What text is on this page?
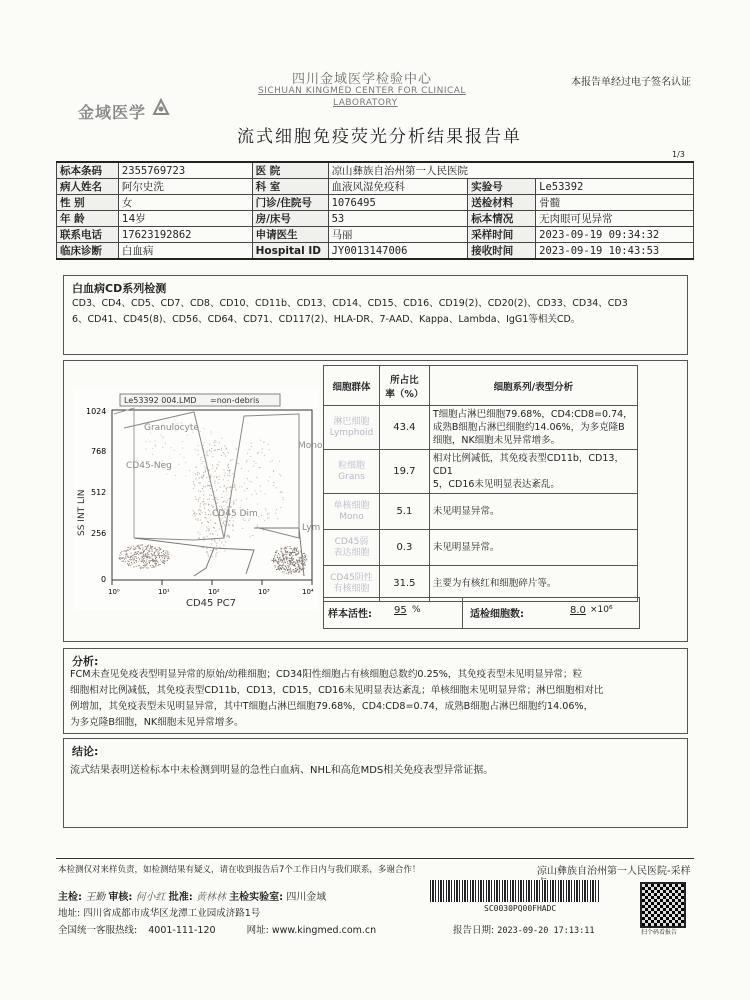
四川金域医学检验中心
SICHUAN KINGMED CENTER FOR CLINICAL
LABORATORY
本报告单经过电子签名认证
金域医学
流式细胞免疫荧光分析结果报告单
1/3
标本条码	2355769723	医 院	凉山彝族自治州第一人民医院		
病人姓名	阿尔史洗	科 室	血液风湿免疫科	实验号	Le53392
性 别	女	门诊/住院号	1076495	送检材料	骨髓
年 龄	14岁	房/床号	53	标本情况	无肉眼可见异常
联系电话	17623192862	申请医生	马丽	采样时间	2023-09-19 09:34:32
临床诊断	白血病	Hospital ID	JY0013147006	接收时间	2023-09-19 10:43:53
白血病CD系列检测
CD3、CD4、CD5、CD7、CD8、CD10、CD11b、CD13、CD14、CD15、CD16、CD19(2)、CD20(2)、CD33、CD34、CD3
6、CD41、CD45(8)、CD56、CD64、CD71、CD117(2)、HLA-DR、7-AAD、Kappa、Lambda、IgG1等相关CD。
Le53392 004.LMD =non-debris
1024
768
512
256
0
10⁰	10¹	10²	10³	10⁴
CD45 PC7
SS INT LIN
Granulocyte
CD45-Neg
CD45 Dim
Mono
Lym
细胞群体	所占比
率（%）	细胞系列/表型分析
淋巴细胞
Lymphoid	43.4	T细胞占淋巴细胞79.68%，CD4:CD8=0.74，
成熟B细胞占淋巴细胞约14.06%，为多克隆B
细胞，NK细胞未见异常增多。
粒细胞
Grans	19.7	相对比例减低，其免疫表型CD11b，CD13，CD1
5，CD16未见明显表达紊乱。
单核细胞
Mono	5.1	未见明显异常。
CD45弱
表达细胞	0.3	未见明显异常。
CD45阴性
有核细胞	31.5	主要为有核红和细胞碎片等。
样本活性: 95 %	适检细胞数:	8.0 ×10⁶
分析:
FCM未查见免疫表型明显异常的原始/幼稚细胞；CD34阳性细胞占有核细胞总数约0.25%，其免疫表型未见明显异常；粒
细胞相对比例减低，其免疫表型CD11b，CD13，CD15，CD16未见明显表达紊乱；单核细胞未见明显异常；淋巴细胞相对比
例增加，其免疫表型未见明显异常，其中T细胞占淋巴细胞79.68%，CD4:CD8=0.74，成熟B细胞占淋巴细胞约14.06%，
为多克隆B细胞，NK细胞未见异常增多。
结论:
流式结果表明送检标本中未检测到明显的急性白血病、NHL和高危MDS相关免疫表型异常证据。
本检测仅对来样负责，如检测结果有疑义，请在收到报告后7个工作日内与我们联系，多谢合作！	凉山彝族自治州第一人民医院-采样
主检: 王勤 审核: 何小红 批准: 黄林林 主检实验室: 四川金域
地址: 四川省成都市成华区龙潭工业园成济路1号
全国统一客服热线: 4001-111-120	网址: www.kingmed.com.cn
SC0030PQ00FHADC
报告日期: 2023-09-20 17:13:11	扫个码看报告
